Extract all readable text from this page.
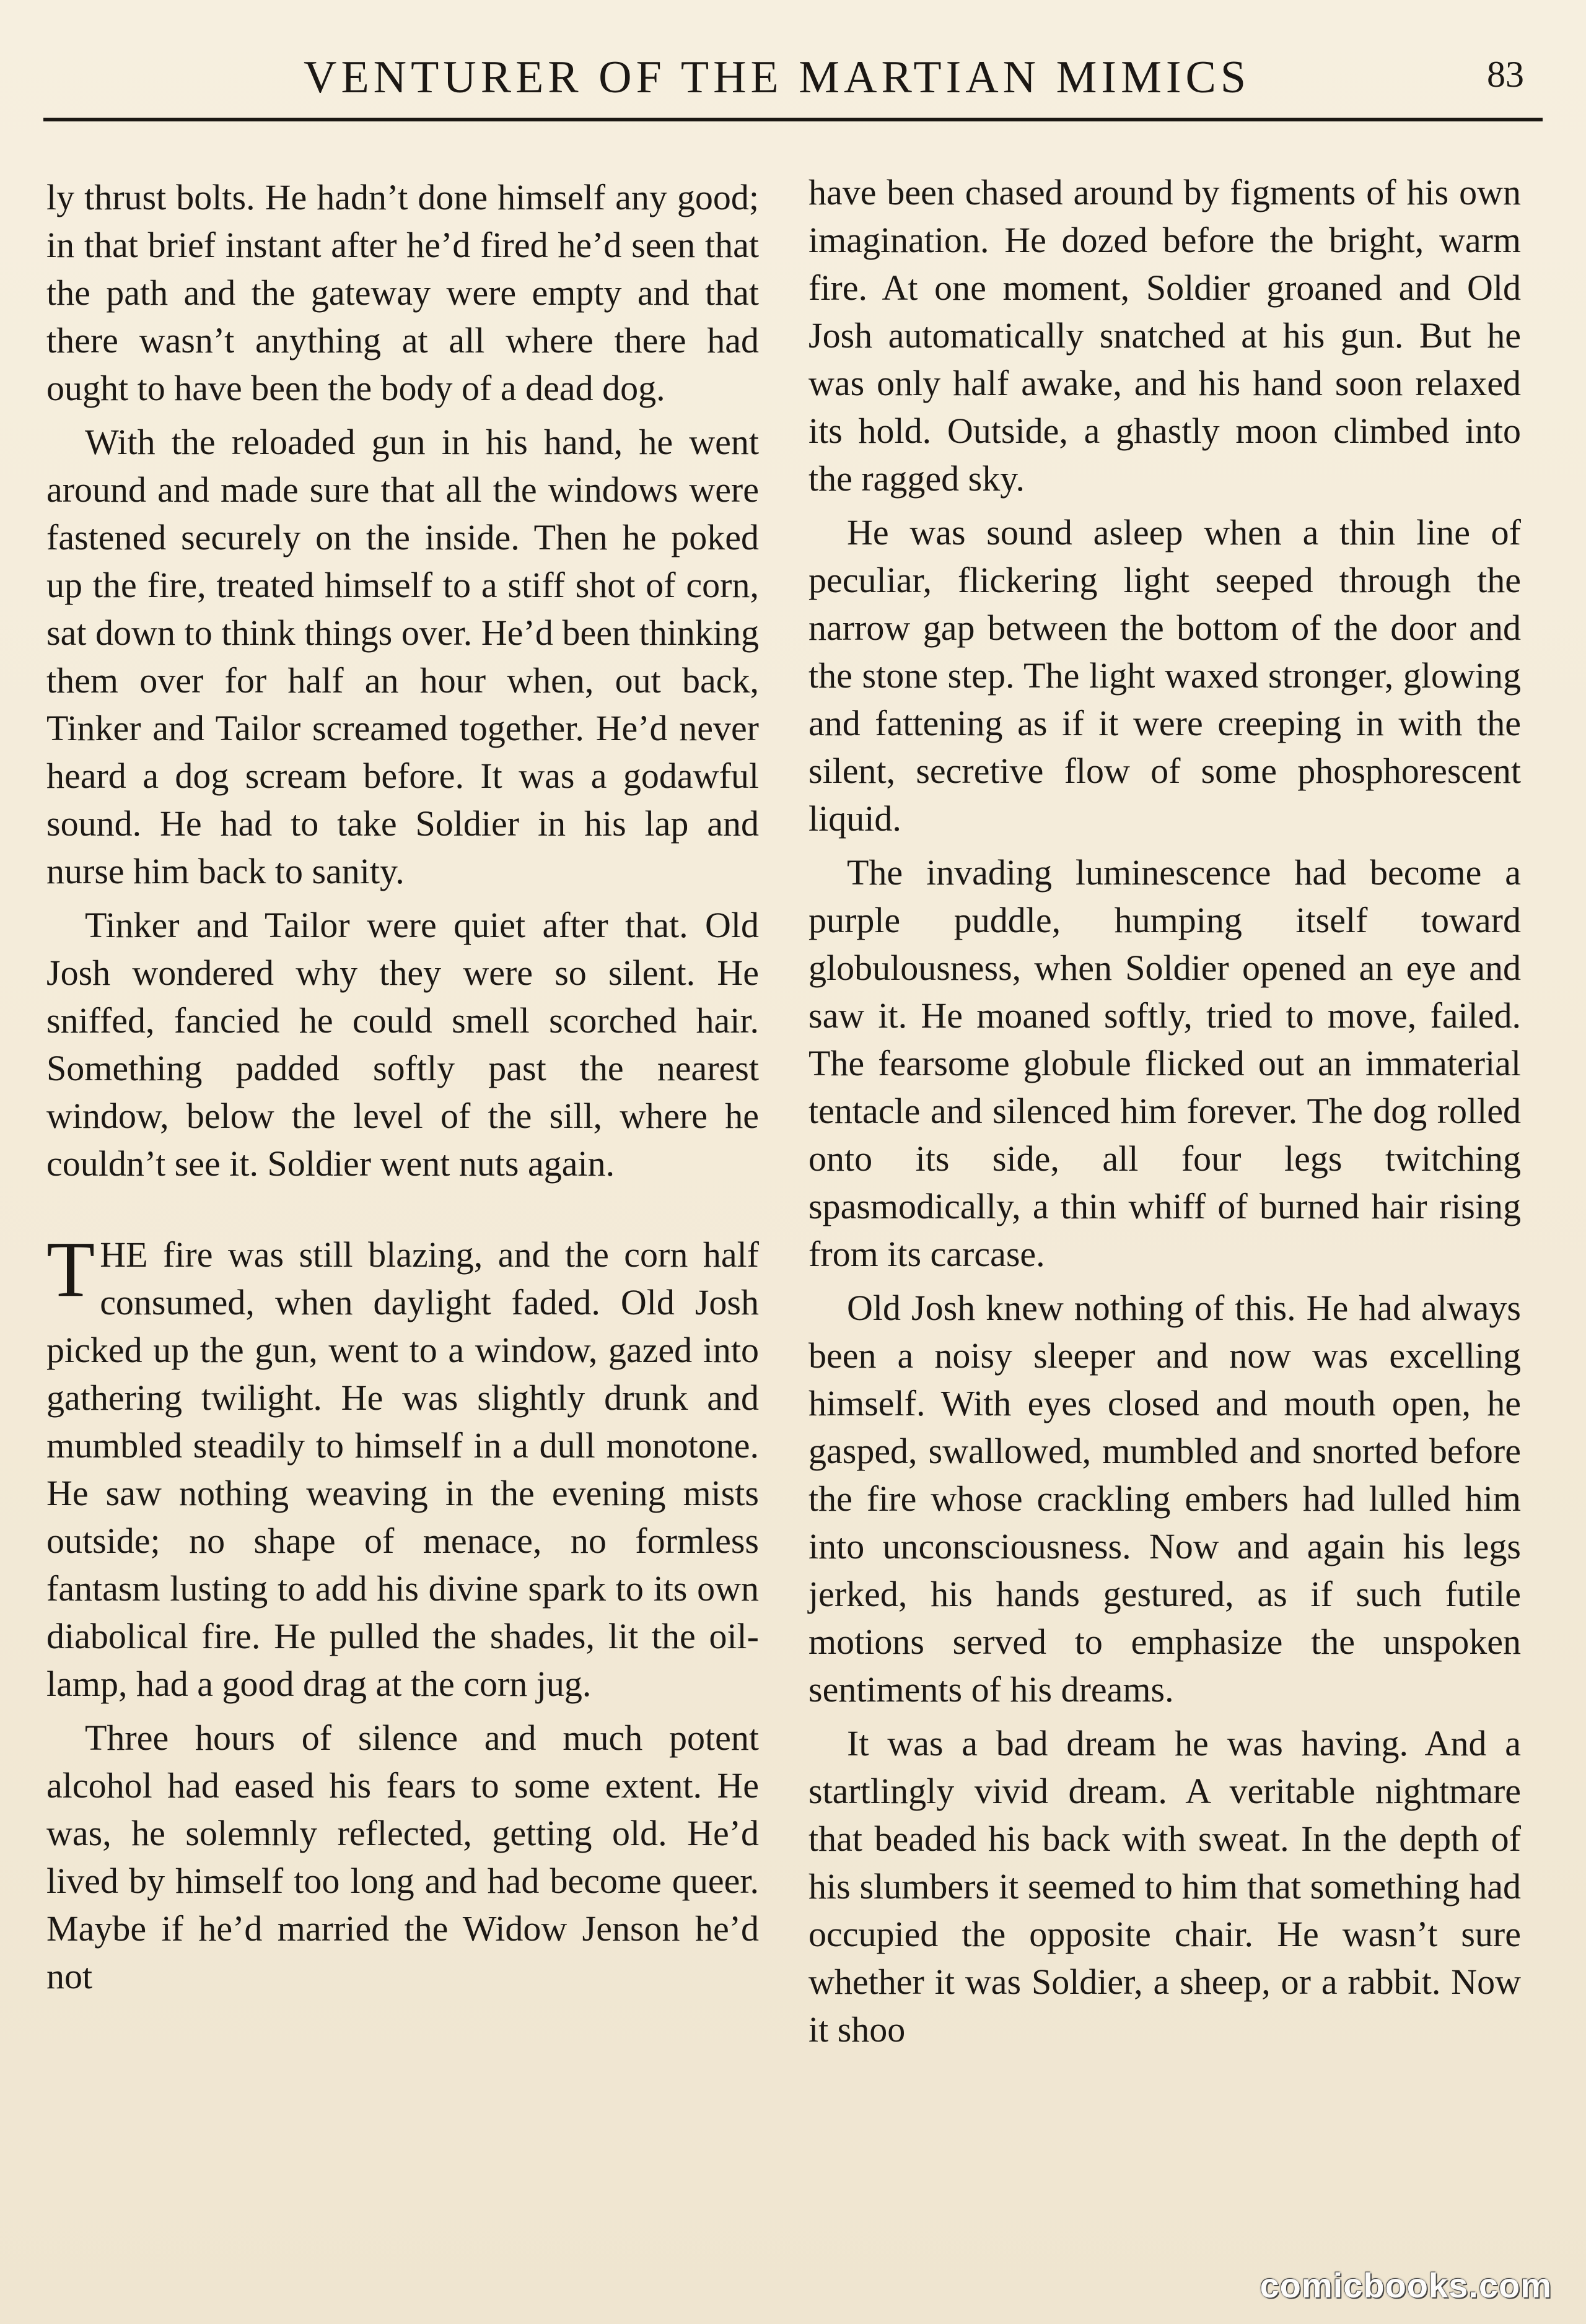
VENTURER OF THE MARTIAN MIMICS	83

ly thrust bolts. He hadn’t done himself any good; in that brief instant after he’d fired he’d seen that the path and the gateway were empty and that there wasn’t anything at all where there had ought to have been the body of a dead dog.

With the reloaded gun in his hand, he went around and made sure that all the windows were fastened securely on the inside. Then he poked up the fire, treated himself to a stiff shot of corn, sat down to think things over. He’d been thinking them over for half an hour when, out back, Tinker and Tailor screamed together. He’d never heard a dog scream before. It was a godawful sound. He had to take Soldier in his lap and nurse him back to sanity.

Tinker and Tailor were quiet after that. Old Josh wondered why they were so silent. He sniffed, fancied he could smell scorched hair. Something padded softly past the nearest window, below the level of the sill, where he couldn’t see it. Soldier went nuts again.

THE fire was still blazing, and the corn half consumed, when daylight faded. Old Josh picked up the gun, went to a window, gazed into gathering twilight. He was slightly drunk and mumbled steadily to himself in a dull monotone. He saw nothing weaving in the evening mists outside; no shape of menace, no formless fantasm lusting to add his divine spark to its own diabolical fire. He pulled the shades, lit the oil-lamp, had a good drag at the corn jug.

Three hours of silence and much potent alcohol had eased his fears to some extent. He was, he solemnly reflected, getting old. He’d lived by himself too long and had become queer. Maybe if he’d married the Widow Jenson he’d not

have been chased around by figments of his own imagination. He dozed before the bright, warm fire. At one moment, Soldier groaned and Old Josh automatically snatched at his gun. But he was only half awake, and his hand soon relaxed its hold. Outside, a ghastly moon climbed into the ragged sky.

He was sound asleep when a thin line of peculiar, flickering light seeped through the narrow gap between the bottom of the door and the stone step. The light waxed stronger, glowing and fattening as if it were creeping in with the silent, secretive flow of some phosphorescent liquid.

The invading luminescence had become a purple puddle, humping itself toward globulousness, when Soldier opened an eye and saw it. He moaned softly, tried to move, failed. The fearsome globule flicked out an immaterial tentacle and silenced him forever. The dog rolled onto its side, all four legs twitching spasmodically, a thin whiff of burned hair rising from its carcase.

Old Josh knew nothing of this. He had always been a noisy sleeper and now was excelling himself. With eyes closed and mouth open, he gasped, swallowed, mumbled and snorted before the fire whose crackling embers had lulled him into unconsciousness. Now and again his legs jerked, his hands gestured, as if such futile motions served to emphasize the unspoken sentiments of his dreams.

It was a bad dream he was having. And a startlingly vivid dream. A veritable nightmare that beaded his back with sweat. In the depth of his slumbers it seemed to him that something had occupied the opposite chair. He wasn’t sure whether it was Soldier, a sheep, or a rabbit. Now it shoo

comicbooks.com
